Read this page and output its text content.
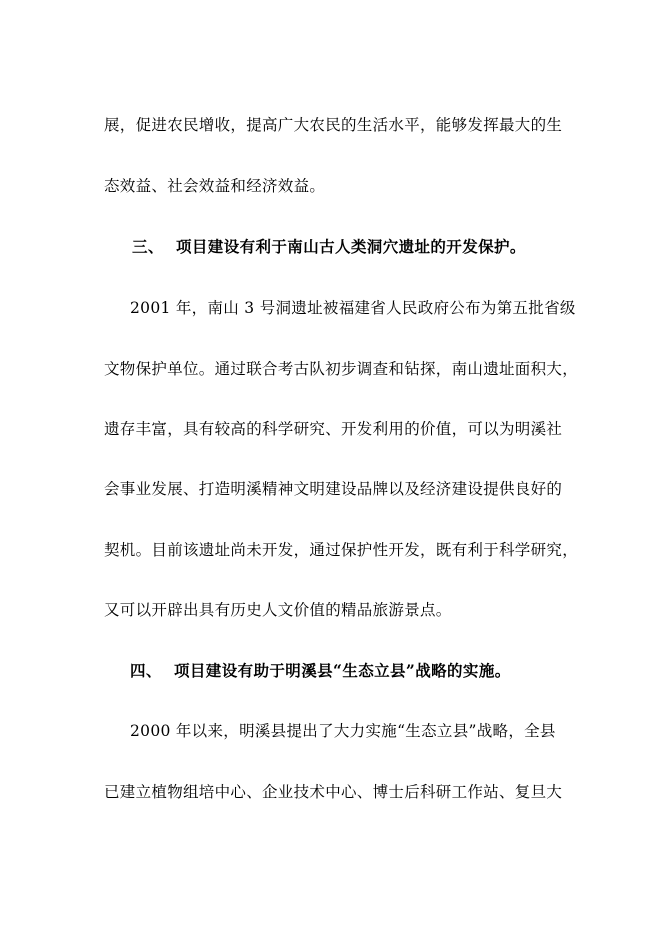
展，促进农民增收，提高广大农民的生活水平，能够发挥最大的生
态效益、社会效益和经济效益。
三、 项目建设有利于南山古人类洞穴遗址的开发保护。
2001 年，南山 3 号洞遗址被福建省人民政府公布为第五批省级
文物保护单位。通过联合考古队初步调查和钻探，南山遗址面积大，
遗存丰富，具有较高的科学研究、开发利用的价值，可以为明溪社
会事业发展、打造明溪精神文明建设品牌以及经济建设提供良好的
契机。目前该遗址尚未开发，通过保护性开发，既有利于科学研究，
又可以开辟出具有历史人文价值的精品旅游景点。
四、 项目建设有助于明溪县“生态立县”战略的实施。
2000 年以来，明溪县提出了大力实施“生态立县”战略，全县
已建立植物组培中心、企业技术中心、博士后科研工作站、复旦大
